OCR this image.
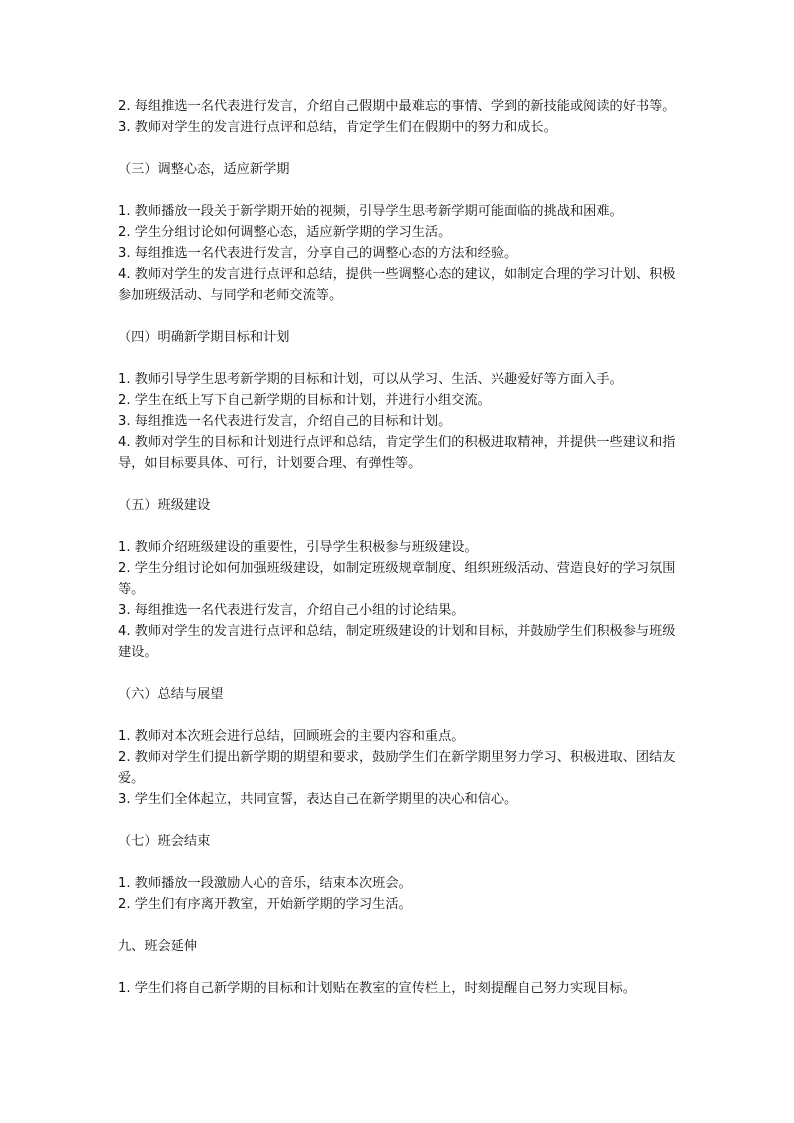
2. 每组推选一名代表进行发言，介绍自己假期中最难忘的事情、学到的新技能或阅读的好书等。

3. 教师对学生的发言进行点评和总结，肯定学生们在假期中的努力和成长。

（三）调整心态，适应新学期

1. 教师播放一段关于新学期开始的视频，引导学生思考新学期可能面临的挑战和困难。

2. 学生分组讨论如何调整心态，适应新学期的学习生活。

3. 每组推选一名代表进行发言，分享自己的调整心态的方法和经验。

4. 教师对学生的发言进行点评和总结，提供一些调整心态的建议，如制定合理的学习计划、积极参加班级活动、与同学和老师交流等。

（四）明确新学期目标和计划

1. 教师引导学生思考新学期的目标和计划，可以从学习、生活、兴趣爱好等方面入手。

2. 学生在纸上写下自己新学期的目标和计划，并进行小组交流。

3. 每组推选一名代表进行发言，介绍自己的目标和计划。

4. 教师对学生的目标和计划进行点评和总结，肯定学生们的积极进取精神，并提供一些建议和指导，如目标要具体、可行，计划要合理、有弹性等。

（五）班级建设

1. 教师介绍班级建设的重要性，引导学生积极参与班级建设。

2. 学生分组讨论如何加强班级建设，如制定班级规章制度、组织班级活动、营造良好的学习氛围等。

3. 每组推选一名代表进行发言，介绍自己小组的讨论结果。

4. 教师对学生的发言进行点评和总结，制定班级建设的计划和目标，并鼓励学生们积极参与班级建设。

（六）总结与展望

1. 教师对本次班会进行总结，回顾班会的主要内容和重点。

2. 教师对学生们提出新学期的期望和要求，鼓励学生们在新学期里努力学习、积极进取、团结友爱。

3. 学生们全体起立，共同宣誓，表达自己在新学期里的决心和信心。

（七）班会结束

1. 教师播放一段激励人心的音乐，结束本次班会。

2. 学生们有序离开教室，开始新学期的学习生活。

九、班会延伸

1. 学生们将自己新学期的目标和计划贴在教室的宣传栏上，时刻提醒自己努力实现目标。
